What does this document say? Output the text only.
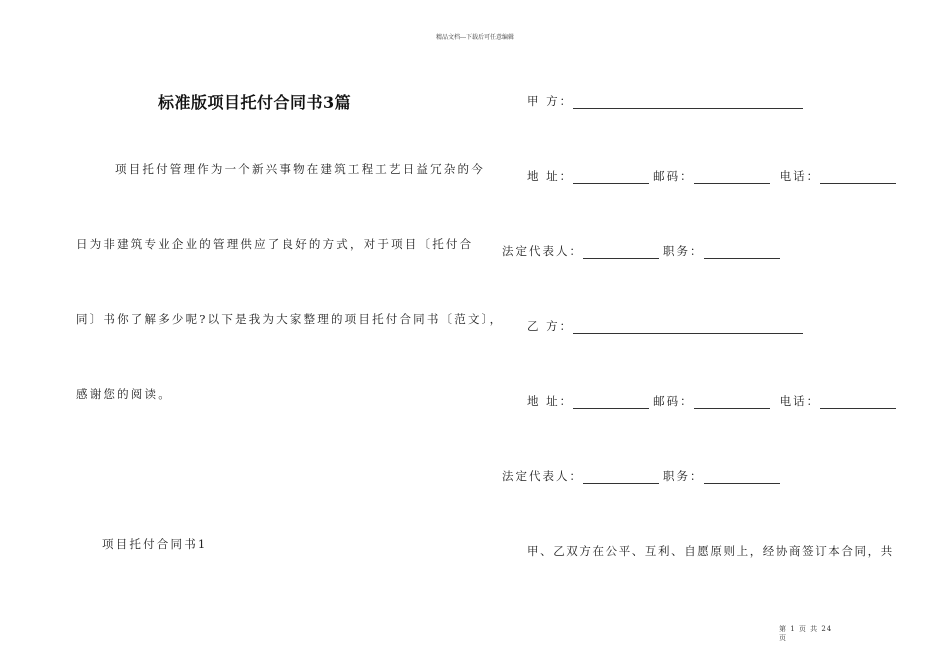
精品文档---下载后可任意编辑
标准版项目托付合同书3篇
项目托付管理作为一个新兴事物在建筑工程工艺日益冗杂的今
日为非建筑专业企业的管理供应了良好的方式，对于项目〔托付合
同〕书你了解多少呢?以下是我为大家整理的项目托付合同书〔范文〕，
感谢您的阅读。
项目托付合同书1
甲 方：
地 址：	邮码：	电话：
法定代表人：	职务：
乙 方：
地 址：	邮码：	电话：
法定代表人：	职务：
甲、乙双方在公平、互利、自愿原则上，经协商签订本合同，共
第 1 页 共 24
页
